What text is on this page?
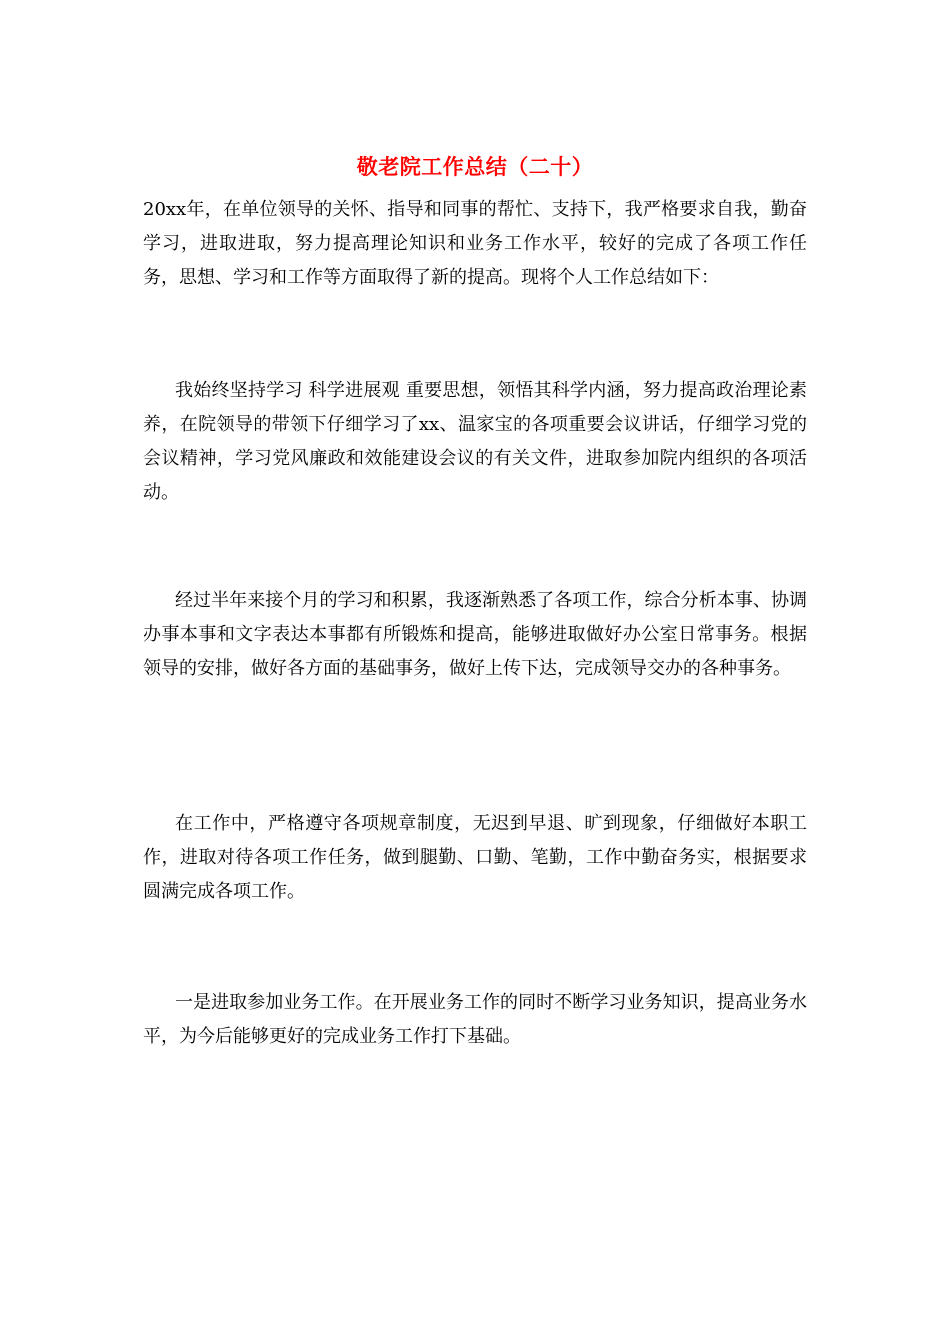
敬老院工作总结（二十）

20xx年，在单位领导的关怀、指导和同事的帮忙、支持下，我严格要求自我，勤奋学习，进取进取，努力提高理论知识和业务工作水平，较好的完成了各项工作任务，思想、学习和工作等方面取得了新的提高。现将个人工作总结如下：

我始终坚持学习 科学进展观 重要思想，领悟其科学内涵，努力提高政治理论素养，在院领导的带领下仔细学习了xx、温家宝的各项重要会议讲话，仔细学习党的会议精神，学习党风廉政和效能建设会议的有关文件，进取参加院内组织的各项活动。

经过半年来接个月的学习和积累，我逐渐熟悉了各项工作，综合分析本事、协调办事本事和文字表达本事都有所锻炼和提高，能够进取做好办公室日常事务。根据领导的安排，做好各方面的基础事务，做好上传下达，完成领导交办的各种事务。

在工作中，严格遵守各项规章制度，无迟到早退、旷到现象，仔细做好本职工作，进取对待各项工作任务，做到腿勤、口勤、笔勤，工作中勤奋务实，根据要求圆满完成各项工作。

一是进取参加业务工作。在开展业务工作的同时不断学习业务知识，提高业务水平，为今后能够更好的完成业务工作打下基础。
